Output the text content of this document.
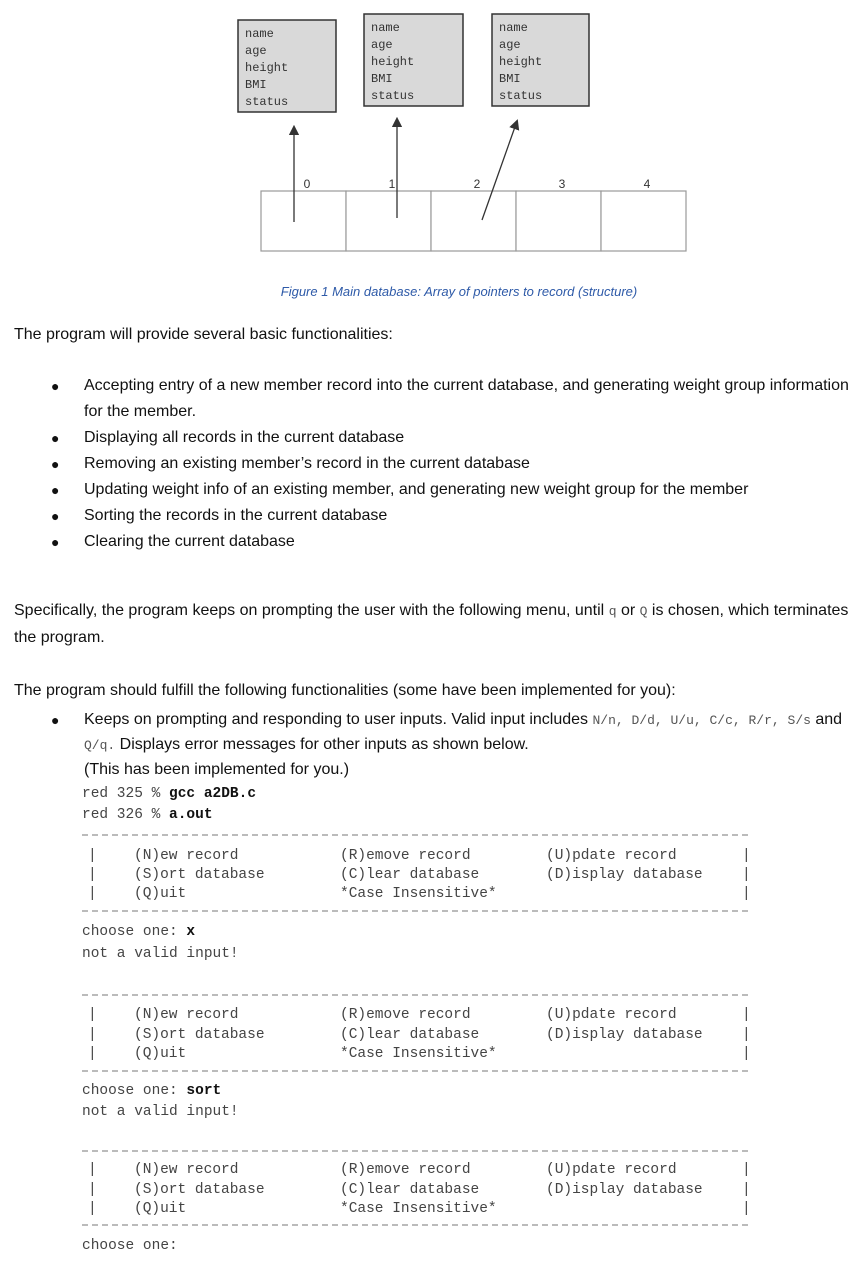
name
age
height
BMI
status
name
age
height
BMI
status
name
age
height
BMI
status
0	1	2	3	4
Figure 1 Main database: Array of pointers to record (structure)
The program will provide several basic functionalities:
● Accepting entry of a new member record into the current database, and generating weight group information for the member.
● Displaying all records in the current database
● Removing an existing member’s record in the current database
● Updating weight info of an existing member, and generating new weight group for the member
● Sorting the records in the current database
● Clearing the current database
Specifically, the program keeps on prompting the user with the following menu, until q or Q is chosen, which terminates the program.
The program should fulfill the following functionalities (some have been implemented for you):
● Keeps on prompting and responding to user inputs. Valid input includes N/n, D/d, U/u, C/c, R/r, S/s and Q/q. Displays error messages for other inputs as shown below.
(This has been implemented for you.)
red 325 % gcc a2DB.c
red 326 % a.out
|	(N)ew record	(R)emove record	(U)pdate record	|
|	(S)ort database	(C)lear database	(D)isplay database	|
|	(Q)uit	*Case Insensitive*	|
choose one: x
not a valid input!
|	(N)ew record	(R)emove record	(U)pdate record	|
|	(S)ort database	(C)lear database	(D)isplay database	|
|	(Q)uit	*Case Insensitive*	|
choose one: sort
not a valid input!
|	(N)ew record	(R)emove record	(U)pdate record	|
|	(S)ort database	(C)lear database	(D)isplay database	|
|	(Q)uit	*Case Insensitive*	|
choose one:
